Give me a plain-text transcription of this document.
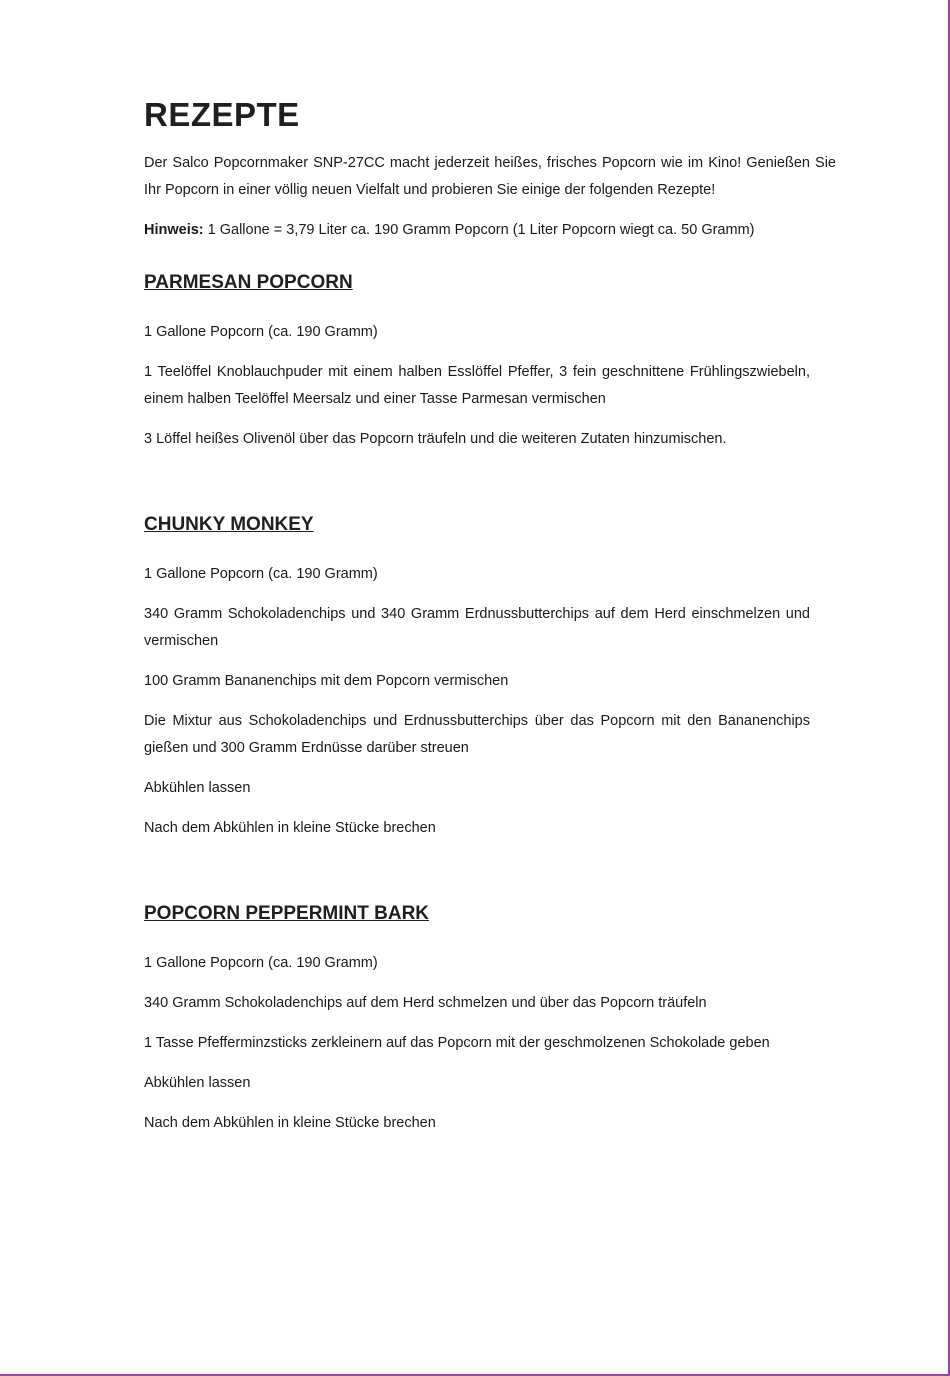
REZEPTE

Der Salco Popcornmaker SNP-27CC macht jederzeit heißes, frisches Popcorn wie im Kino! Genießen Sie Ihr Popcorn in einer völlig neuen Vielfalt und probieren Sie einige der folgenden Rezepte!

Hinweis: 1 Gallone = 3,79 Liter ca. 190 Gramm Popcorn (1 Liter Popcorn wiegt ca. 50 Gramm)

PARMESAN POPCORN

1 Gallone Popcorn (ca. 190 Gramm)

1 Teelöffel Knoblauchpuder mit einem halben Esslöffel Pfeffer, 3 fein geschnittene Frühlingszwiebeln, einem halben Teelöffel Meersalz und einer Tasse Parmesan vermischen

3 Löffel heißes Olivenöl über das Popcorn träufeln und die weiteren Zutaten hinzumischen.

CHUNKY MONKEY

1 Gallone Popcorn (ca. 190 Gramm)

340 Gramm Schokoladenchips und 340 Gramm Erdnussbutterchips auf dem Herd einschmelzen und vermischen

100 Gramm Bananenchips mit dem Popcorn vermischen

Die Mixtur aus Schokoladenchips und Erdnussbutterchips über das Popcorn mit den Bananenchips gießen und 300 Gramm Erdnüsse darüber streuen

Abkühlen lassen

Nach dem Abkühlen in kleine Stücke brechen

POPCORN PEPPERMINT BARK

1 Gallone Popcorn (ca. 190 Gramm)

340 Gramm Schokoladenchips auf dem Herd schmelzen und über das Popcorn träufeln

1 Tasse Pfefferminzsticks zerkleinern auf das Popcorn mit der geschmolzenen Schokolade geben

Abkühlen lassen

Nach dem Abkühlen in kleine Stücke brechen
